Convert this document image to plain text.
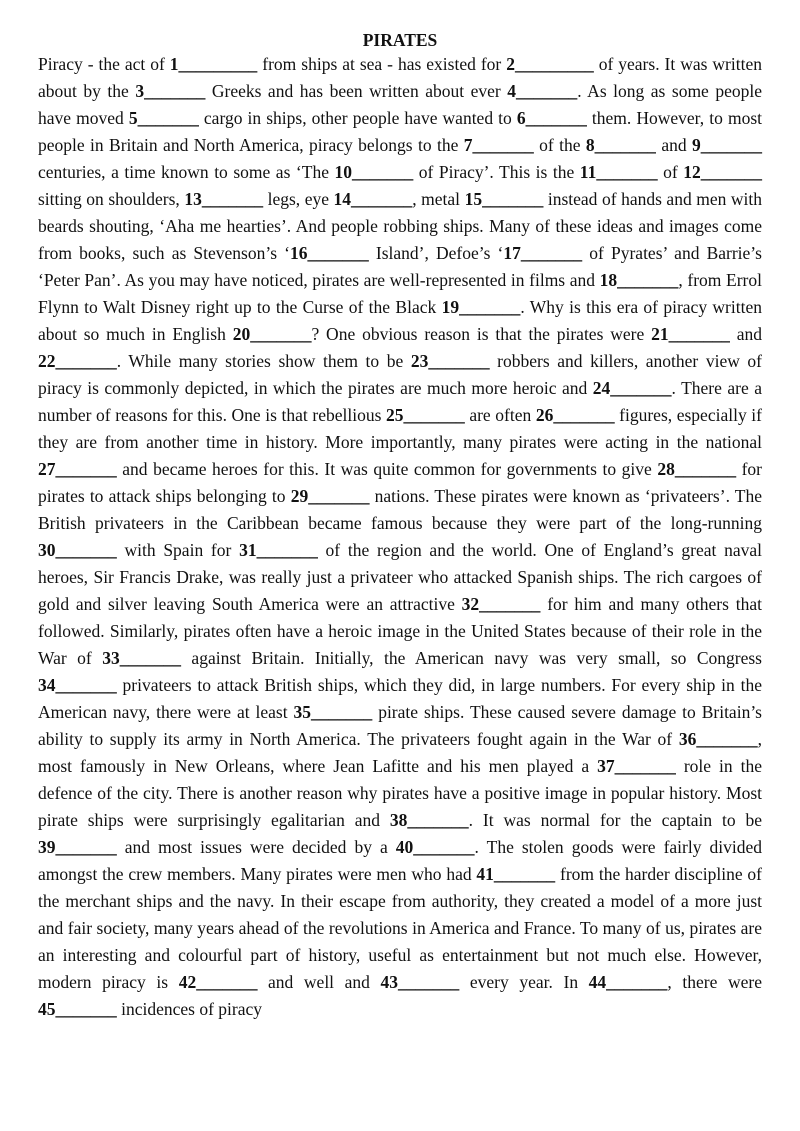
PIRATES

Piracy - the act of 1_________ from ships at sea - has existed for 2_________ of years. It was written about by the 3_______ Greeks and has been written about ever 4_______. As long as some people have moved 5_______ cargo in ships, other people have wanted to 6_______ them. However, to most people in Britain and North America, piracy belongs to the 7_______ of the 8_______ and 9_______ centuries, a time known to some as ‘The 10_______ of Piracy’. This is the 11_______ of 12_______ sitting on shoulders, 13_______ legs, eye 14_______, metal 15_______ instead of hands and men with beards shouting, ‘Aha me hearties’. And people robbing ships. Many of these ideas and images come from books, such as Stevenson’s ‘16_______ Island’, Defoe’s ‘17_______ of Pyrates’ and Barrie’s ‘Peter Pan’. As you may have noticed, pirates are well-represented in films and 18_______, from Errol Flynn to Walt Disney right up to the Curse of the Black 19_______. Why is this era of piracy written about so much in English 20_______? One obvious reason is that the pirates were 21_______ and 22_______. While many stories show them to be 23_______ robbers and killers, another view of piracy is commonly depicted, in which the pirates are much more heroic and 24_______. There are a number of reasons for this. One is that rebellious 25_______ are often 26_______ figures, especially if they are from another time in history. More importantly, many pirates were acting in the national 27_______ and became heroes for this. It was quite common for governments to give 28_______ for pirates to attack ships belonging to 29_______ nations. These pirates were known as ‘privateers’. The British privateers in the Caribbean became famous because they were part of the long-running 30_______ with Spain for 31_______ of the region and the world. One of England’s great naval heroes, Sir Francis Drake, was really just a privateer who attacked Spanish ships. The rich cargoes of gold and silver leaving South America were an attractive 32_______ for him and many others that followed. Similarly, pirates often have a heroic image in the United States because of their role in the War of 33_______ against Britain. Initially, the American navy was very small, so Congress 34_______ privateers to attack British ships, which they did, in large numbers. For every ship in the American navy, there were at least 35_______ pirate ships. These caused severe damage to Britain’s ability to supply its army in North America. The privateers fought again in the War of 36_______, most famously in New Orleans, where Jean Lafitte and his men played a 37_______ role in the defence of the city. There is another reason why pirates have a positive image in popular history. Most pirate ships were surprisingly egalitarian and 38_______. It was normal for the captain to be 39_______ and most issues were decided by a 40_______. The stolen goods were fairly divided amongst the crew members. Many pirates were men who had 41_______ from the harder discipline of the merchant ships and the navy. In their escape from authority, they created a model of a more just and fair society, many years ahead of the revolutions in America and France. To many of us, pirates are an interesting and colourful part of history, useful as entertainment but not much else. However, modern piracy is 42_______ and well and 43_______ every year. In 44_______, there were 45_______ incidences of piracy
